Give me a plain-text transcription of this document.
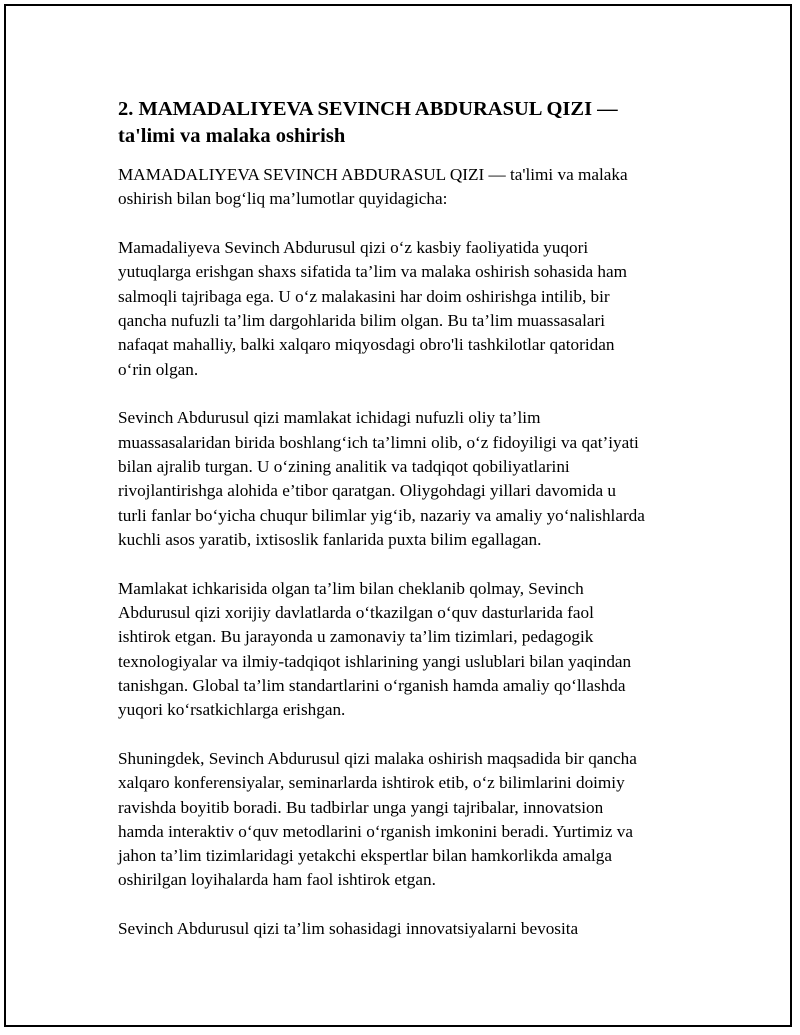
2. MAMADALIYEVA SEVINCH ABDURASUL QIZI —
ta'limi va malaka oshirish

MAMADALIYEVA SEVINCH ABDURASUL QIZI — ta'limi va malaka
oshirish bilan bog‘liq ma’lumotlar quyidagicha:

Mamadaliyeva Sevinch Abdurusul qizi o‘z kasbiy faoliyatida yuqori
yutuqlarga erishgan shaxs sifatida ta’lim va malaka oshirish sohasida ham
salmoqli tajribaga ega. U o‘z malakasini har doim oshirishga intilib, bir
qancha nufuzli ta’lim dargohlarida bilim olgan. Bu ta’lim muassasalari
nafaqat mahalliy, balki xalqaro miqyosdagi obro'li tashkilotlar qatoridan
o‘rin olgan.

Sevinch Abdurusul qizi mamlakat ichidagi nufuzli oliy ta’lim
muassasalaridan birida boshlang‘ich ta’limni olib, o‘z fidoyiligi va qat’iyati
bilan ajralib turgan. U o‘zining analitik va tadqiqot qobiliyatlarini
rivojlantirishga alohida e’tibor qaratgan. Oliygohdagi yillari davomida u
turli fanlar bo‘yicha chuqur bilimlar yig‘ib, nazariy va amaliy yo‘nalishlarda
kuchli asos yaratib, ixtisoslik fanlarida puxta bilim egallagan.

Mamlakat ichkarisida olgan ta’lim bilan cheklanib qolmay, Sevinch
Abdurusul qizi xorijiy davlatlarda o‘tkazilgan o‘quv dasturlarida faol
ishtirok etgan. Bu jarayonda u zamonaviy ta’lim tizimlari, pedagogik
texnologiyalar va ilmiy-tadqiqot ishlarining yangi uslublari bilan yaqindan
tanishgan. Global ta’lim standartlarini o‘rganish hamda amaliy qo‘llashda
yuqori ko‘rsatkichlarga erishgan.

Shuningdek, Sevinch Abdurusul qizi malaka oshirish maqsadida bir qancha
xalqaro konferensiyalar, seminarlarda ishtirok etib, o‘z bilimlarini doimiy
ravishda boyitib boradi. Bu tadbirlar unga yangi tajribalar, innovatsion
hamda interaktiv o‘quv metodlarini o‘rganish imkonini beradi. Yurtimiz va
jahon ta’lim tizimlaridagi yetakchi ekspertlar bilan hamkorlikda amalga
oshirilgan loyihalarda ham faol ishtirok etgan.

Sevinch Abdurusul qizi ta’lim sohasidagi innovatsiyalarni bevosita
